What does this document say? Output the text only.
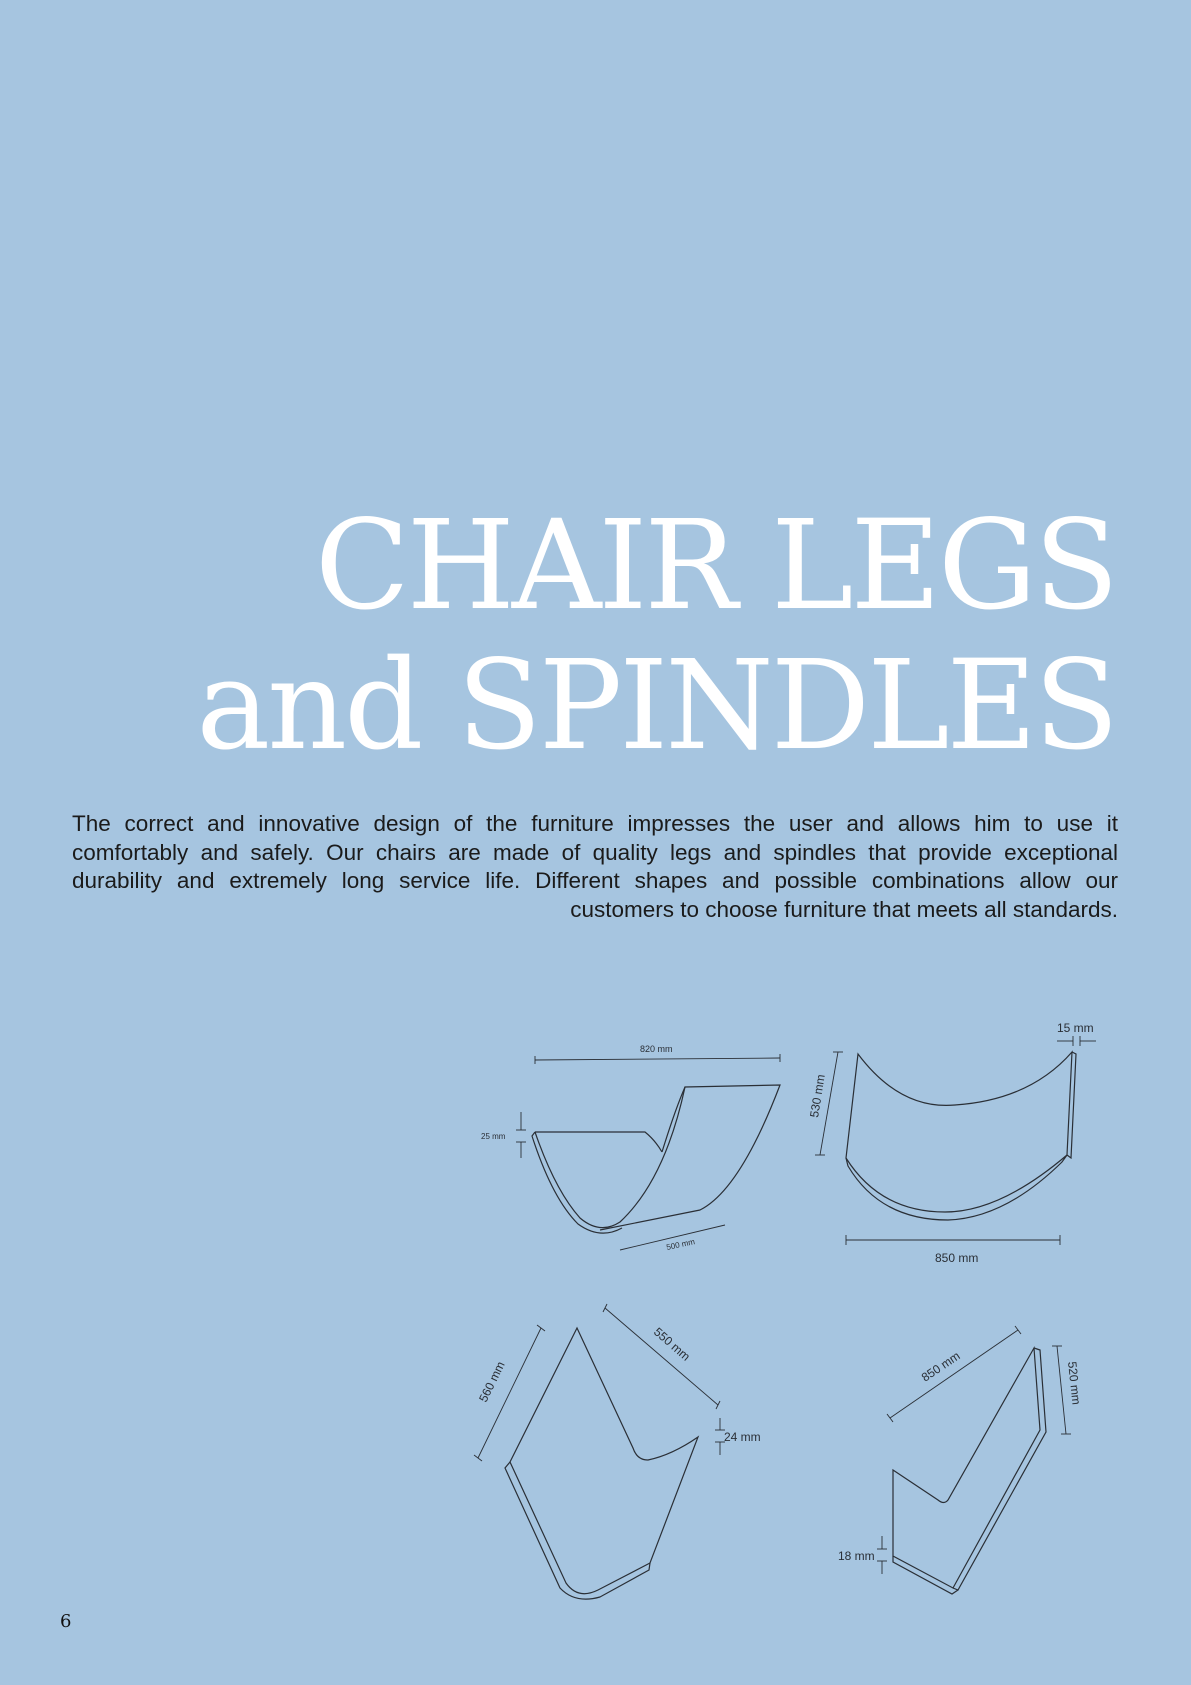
CHAIR LEGS
and SPINDLES

The correct and innovative design of the furniture impresses the user and allows him to use it comfortably and safely. Our chairs are made of quality legs and spindles that provide exceptional durability and extremely long service life. Different shapes and possible combinations allow our customers to choose furniture that meets all standards.

820 mm
25 mm
500 mm
530 mm
850 mm
15 mm
560 mm
550 mm
24 mm
850 mm	520 mm
18 mm
6
